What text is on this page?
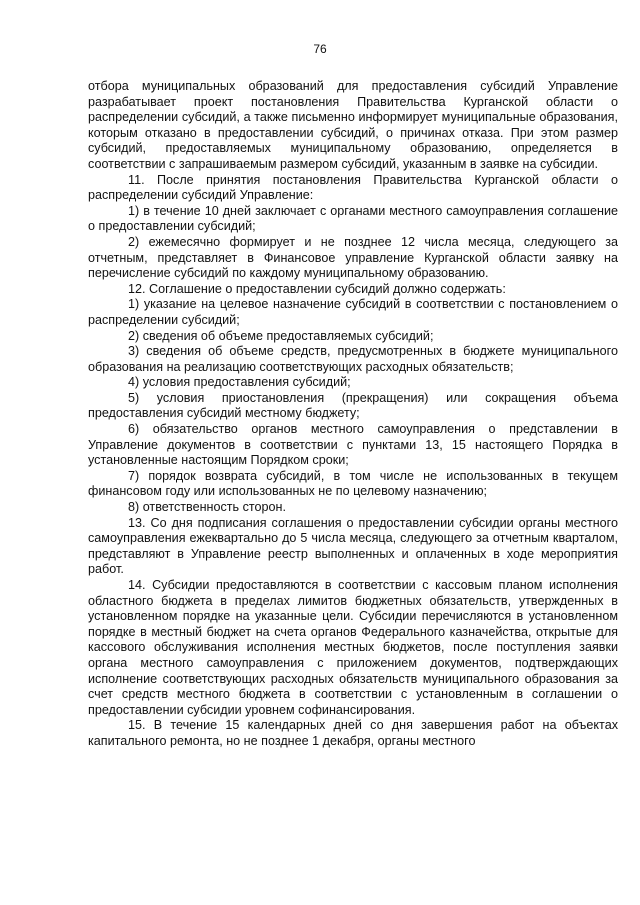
76

отбора муниципальных образований для предоставления субсидий Управление разрабатывает проект постановления Правительства Курганской области о распределении субсидий, а также письменно информирует муниципальные образования, которым отказано в предоставлении субсидий, о причинах отказа. При этом размер субсидий, предоставляемых муниципальному образованию, определяется в соответствии с запрашиваемым размером субсидий, указанным в заявке на субсидии.

11. После принятия постановления Правительства Курганской области о распределении субсидий Управление:

1) в течение 10 дней заключает с органами местного самоуправления соглашение о предоставлении субсидий;

2) ежемесячно формирует и не позднее 12 числа месяца, следующего за отчетным, представляет в Финансовое управление Курганской области заявку на перечисление субсидий по каждому муниципальному образованию.

12. Соглашение о предоставлении субсидий должно содержать:

1) указание на целевое назначение субсидий в соответствии с постановлением о распределении субсидий;

2) сведения об объеме предоставляемых субсидий;

3) сведения об объеме средств, предусмотренных в бюджете муниципального образования на реализацию соответствующих расходных обязательств;

4) условия предоставления субсидий;

5) условия приостановления (прекращения) или сокращения объема предоставления субсидий местному бюджету;

6) обязательство органов местного самоуправления о представлении в Управление документов в соответствии с пунктами 13, 15 настоящего Порядка в установленные настоящим Порядком сроки;

7) порядок возврата субсидий, в том числе не использованных в текущем финансовом году или использованных не по целевому назначению;

8) ответственность сторон.

13. Со дня подписания соглашения о предоставлении субсидии органы местного самоуправления ежеквартально до 5 числа месяца, следующего за отчетным кварталом, представляют в Управление реестр выполненных и оплаченных в ходе мероприятия работ.

14. Субсидии предоставляются в соответствии с кассовым планом исполнения областного бюджета в пределах лимитов бюджетных обязательств, утвержденных в установленном порядке на указанные цели. Субсидии перечисляются в установленном порядке в местный бюджет на счета органов Федерального казначейства, открытые для кассового обслуживания исполнения местных бюджетов, после поступления заявки органа местного самоуправления с приложением документов, подтверждающих исполнение соответствующих расходных обязательств муниципального образования за счет средств местного бюджета в соответствии с установленным в соглашении о предоставлении субсидии уровнем софинансирования.

15. В течение 15 календарных дней со дня завершения работ на объектах капитального ремонта, но не позднее 1 декабря, органы местного
